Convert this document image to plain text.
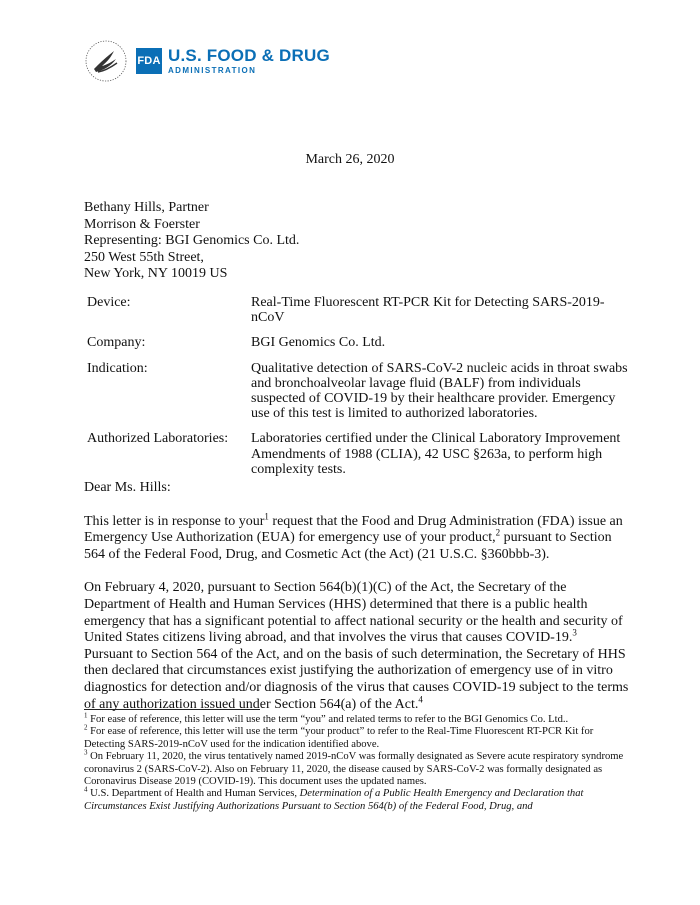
FDA U.S. FOOD & DRUG
ADMINISTRATION
March 26, 2020
Bethany Hills, Partner
Morrison & Foerster
Representing: BGI Genomics Co. Ltd.
250 West 55th Street,
New York, NY 10019 US
Device:	Real-Time Fluorescent RT-PCR Kit for Detecting SARS-2019-nCoV
Company:	BGI Genomics Co. Ltd.
Indication:	Qualitative detection of SARS-CoV-2 nucleic acids in throat swabs and bronchoalveolar lavage fluid (BALF) from individuals suspected of COVID-19 by their healthcare provider. Emergency use of this test is limited to authorized laboratories.
Authorized Laboratories:	Laboratories certified under the Clinical Laboratory Improvement Amendments of 1988 (CLIA), 42 USC §263a, to perform high complexity tests.

Dear Ms. Hills:

This letter is in response to your$^1$ request that the Food and Drug Administration (FDA) issue an Emergency Use Authorization (EUA) for emergency use of your product,$^2$ pursuant to Section 564 of the Federal Food, Drug, and Cosmetic Act (the Act) (21 U.S.C. §360bbb-3).

On February 4, 2020, pursuant to Section 564(b)(1)(C) of the Act, the Secretary of the Department of Health and Human Services (HHS) determined that there is a public health emergency that has a significant potential to affect national security or the health and security of United States citizens living abroad, and that involves the virus that causes COVID-19.$^3$ Pursuant to Section 564 of the Act, and on the basis of such determination, the Secretary of HHS then declared that circumstances exist justifying the authorization of emergency use of in vitro diagnostics for detection and/or diagnosis of the virus that causes COVID-19 subject to the terms of any authorization issued under Section 564(a) of the Act.$^4$

$^1$ For ease of reference, this letter will use the term “you” and related terms to refer to the BGI Genomics Co. Ltd..

$^2$ For ease of reference, this letter will use the term “your product” to refer to the Real-Time Fluorescent RT-PCR Kit for Detecting SARS-2019-nCoV used for the indication identified above.

$^3$ On February 11, 2020, the virus tentatively named 2019-nCoV was formally designated as Severe acute respiratory syndrome coronavirus 2 (SARS-CoV-2). Also on February 11, 2020, the disease caused by SARS-CoV-2 was formally designated as Coronavirus Disease 2019 (COVID-19). This document uses the updated names.

$^4$ U.S. Department of Health and Human Services, Determination of a Public Health Emergency and Declaration that Circumstances Exist Justifying Authorizations Pursuant to Section 564(b) of the Federal Food, Drug, and
